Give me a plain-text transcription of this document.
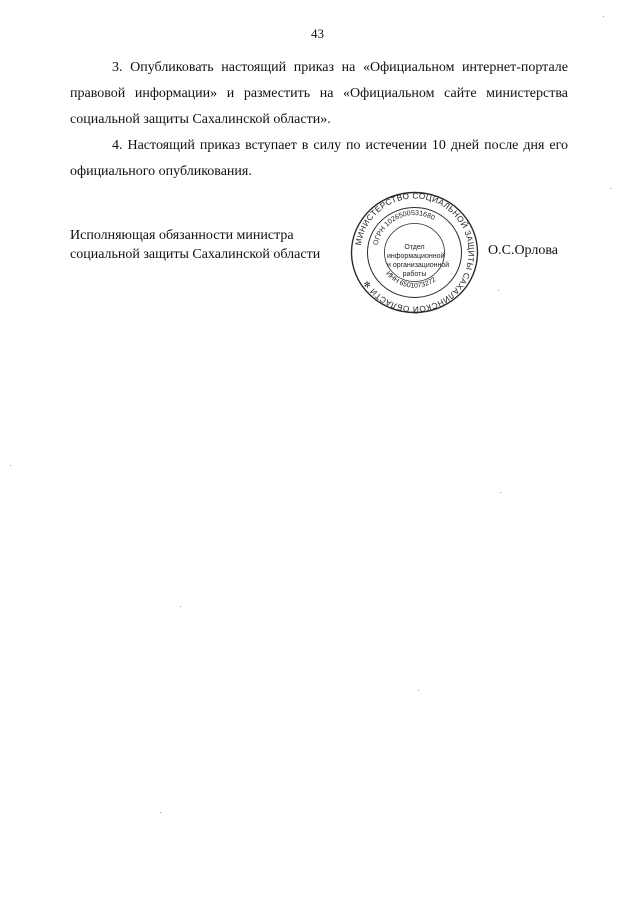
43

3. Опубликовать настоящий приказ на «Официальном интернет-портале правовой информации» и разместить на «Официальном сайте министерства социальной защиты Сахалинской области».

4. Настоящий приказ вступает в силу по истечении 10 дней после дня его официального опубликования.

Исполняющая обязанности министра
социальной защиты Сахалинской области
МИНИСТЕРСТВО СОЦИАЛЬНОЙ ЗАЩИТЫ САХАЛИНСКОЙ ОБЛАСТИ ✻
ОГРН 1026500531680
ИНН 6501073272
Отдел
информационной
и организационной
работы
О.С.Орлова
